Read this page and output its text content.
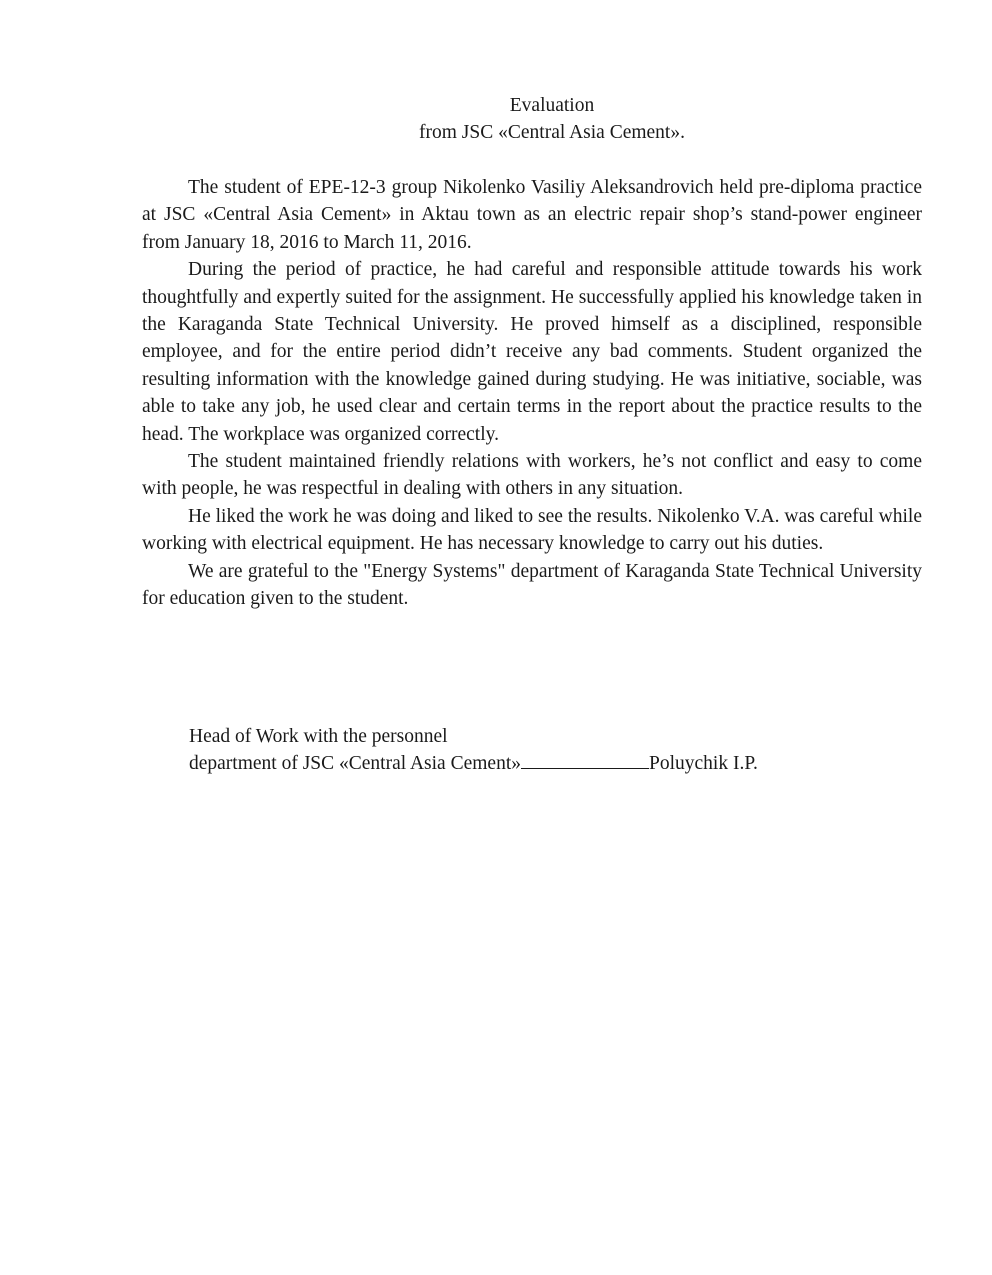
Evaluation
from JSC «Central Asia Cement».

The student of EPE-12-3 group Nikolenko Vasiliy Aleksandrovich held pre-diploma practice at JSC «Central Asia Cement» in Aktau town as an electric repair shop’s stand-power engineer from January 18, 2016 to March 11, 2016.

During the period of practice, he had careful and responsible attitude towards his work thoughtfully and expertly suited for the assignment. He successfully applied his knowledge taken in the Karaganda State Technical University. He proved himself as a disciplined, responsible employee, and for the entire period didn’t receive any bad comments. Student organized the resulting information with the knowledge gained during studying. He was initiative, sociable, was able to take any job, he used clear and certain terms in the report about the practice results to the head. The workplace was organized correctly.

The student maintained friendly relations with workers, he’s not conflict and easy to come with people, he was respectful in dealing with others in any situation.

He liked the work he was doing and liked to see the results. Nikolenko V.A. was careful while working with electrical equipment. He has necessary knowledge to carry out his duties.

We are grateful to the "Energy Systems" department of Karaganda State Technical University for education given to the student.

Head of Work with the personnel
department of JSC «Central Asia Cement»	Poluychik I.P.
